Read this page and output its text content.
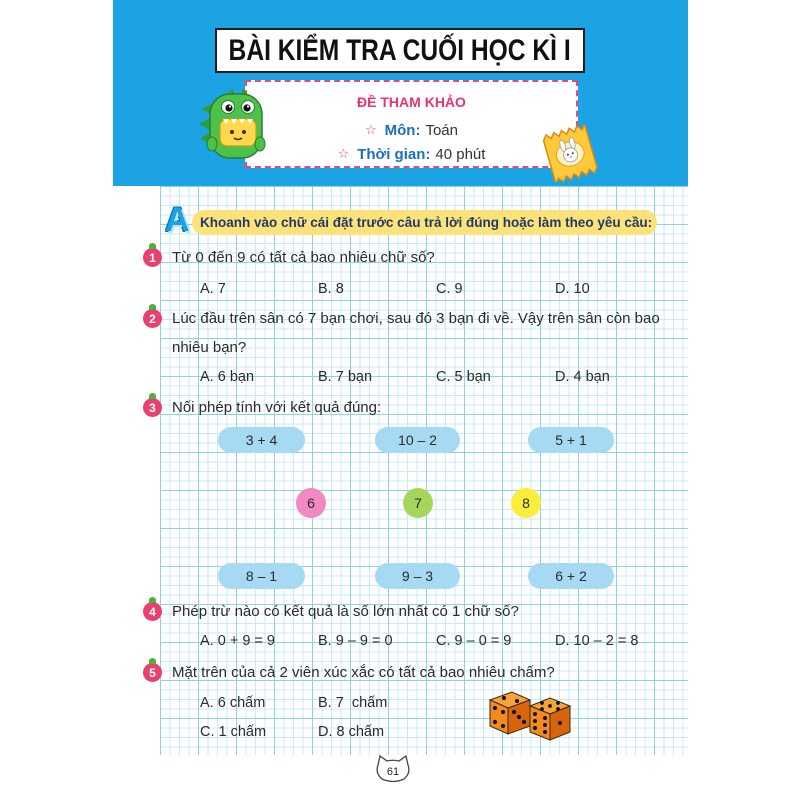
BÀI KIỂM TRA CUỐI HỌC KÌ I
ĐỀ THAM KHẢO
☆ Môn: Toán
☆ Thời gian: 40 phút
A Khoanh vào chữ cái đặt trước câu trả lời đúng hoặc làm theo yêu cầu:
1	Từ 0 đến 9 có tất cả bao nhiêu chữ số?
A. 7	B. 8	C. 9	D. 10
2	Lúc đầu trên sân có 7 bạn chơi, sau đó 3 bạn đi về. Vậy trên sân còn bao
nhiêu bạn?
A. 6 bạn	B. 7 bạn	C. 5 bạn	D. 4 bạn
3	Nối phép tính với kết quả đúng:
3 + 4	10 – 2	5 + 1
6	7	8
8 – 1	9 – 3	6 + 2
4	Phép trừ nào có kết quả là số lớn nhất có 1 chữ số?
A. 0 + 9 = 9	B. 9 – 9 = 0	C. 9 – 0 = 9	D. 10 – 2 = 8
5	Mặt trên của cả 2 viên xúc xắc có tất cả bao nhiêu chấm?
A. 6 chấm	B. 7  chấm
C. 1 chấm	D. 8 chấm
61
